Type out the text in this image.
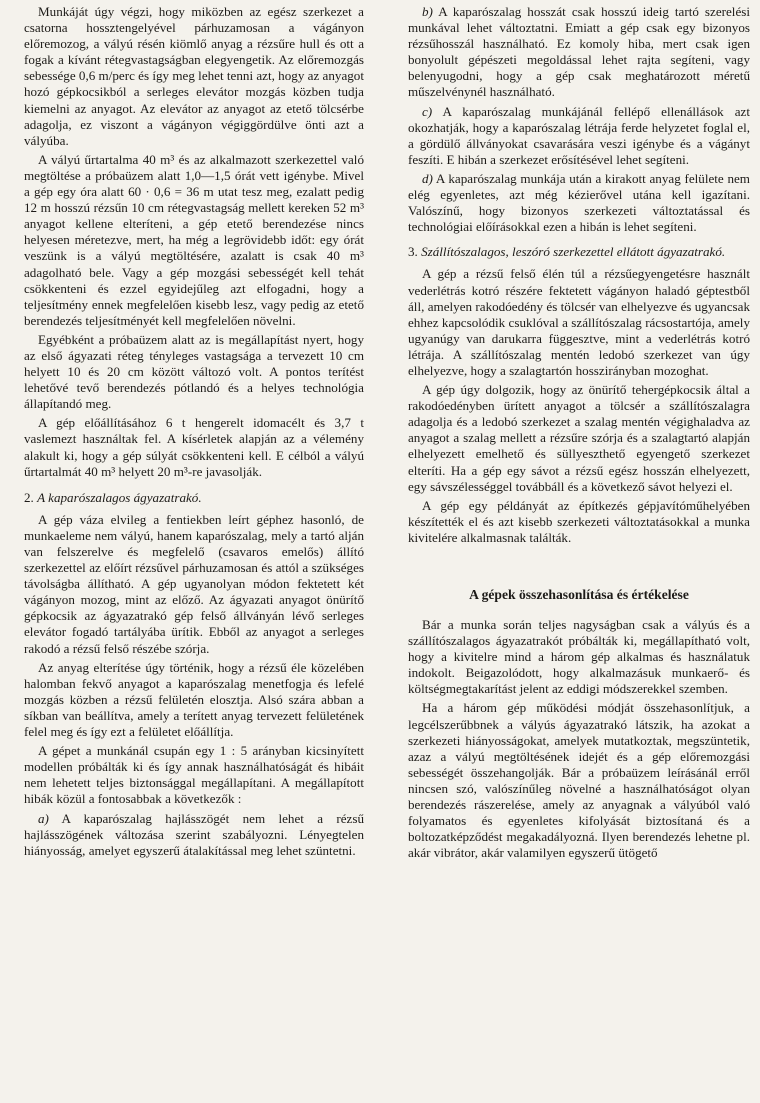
Munkáját úgy végzi, hogy miközben az egész szerkezet a csatorna hossztengelyével párhuzamosan a vágányon előremozog, a vályú résén kiömlő anyag a rézsűre hull és ott a fogak a kívánt rétegvastagságban elegyengetik. Az előremozgás sebessége 0,6 m/perc és így meg lehet tenni azt, hogy az anyagot hozó gépkocsikból a serleges elevátor mozgás közben tudja kiemelni az anyagot. Az elevátor az anyagot az etető tölcsérbe adagolja, ez viszont a vágányon végiggördülve önti azt a vályúba.

A vályú űrtartalma 40 m³ és az alkalmazott szerkezettel való megtöltése a próbaüzem alatt 1,0—1,5 órát vett igénybe. Mivel a gép egy óra alatt 60 · 0,6 = 36 m utat tesz meg, ezalatt pedig 12 m hosszú rézsűn 10 cm rétegvastagság mellett kereken 52 m³ anyagot kellene elteríteni, a gép etető berendezése nincs helyesen méretezve, mert, ha még a legrövidebb időt: egy órát veszünk is a vályú megtöltésére, azalatt is csak 40 m³ adagolható bele. Vagy a gép mozgási sebességét kell tehát csökkenteni és ezzel egyidejűleg azt elfogadni, hogy a teljesítmény ennek megfelelően kisebb lesz, vagy pedig az etető berendezés teljesítményét kell megfelelően növelni.

Egyébként a próbaüzem alatt az is megállapítást nyert, hogy az első ágyazati réteg tényleges vastagsága a tervezett 10 cm helyett 10 és 20 cm között változó volt. A pontos terítést lehetővé tevő berendezés pótlandó és a helyes technológia állapítandó meg.

A gép előállításához 6 t hengerelt idomacélt és 3,7 t vaslemezt használtak fel. A kísérletek alapján az a vélemény alakult ki, hogy a gép súlyát csökkenteni kell. E célból a vályú űrtartalmát 40 m³ helyett 20 m³-re javasolják.

2. A kaparószalagos ágyazatrakó.

A gép váza elvileg a fentiekben leírt géphez hasonló, de munkaeleme nem vályú, hanem kaparószalag, mely a tartó alján van felszerelve és megfelelő (csavaros emelős) állító szerkezettel az előírt rézsűvel párhuzamosan és attól a szükséges távolságba állítható. A gép ugyanolyan módon fektetett két vágányon mozog, mint az előző. Az ágyazati anyagot önürítő gépkocsik az ágyazatrakó gép felső állványán lévő serleges elevátor fogadó tartályába ürítik. Ebből az anyagot a serleges rakodó a rézsű felső részébe szórja.

Az anyag elterítése úgy történik, hogy a rézsű éle közelében halomban fekvő anyagot a kaparószalag menetfogja és lefelé mozgás közben a rézsű felületén elosztja. Alsó szára abban a síkban van beállítva, amely a terített anyag tervezett felületének felel meg és így ezt a felületet előállítja.

A gépet a munkánál csupán egy 1 : 5 arányban kicsinyített modellen próbálták ki és így annak használhatóságát és hibáit nem lehetett teljes biztonsággal megállapítani. A megállapított hibák közül a fontosabbak a következők :

a) A kaparószalag hajlásszögét nem lehet a rézsű hajlásszögének változása szerint szabályozni. Lényegtelen hiányosság, amelyet egyszerű átalakítással meg lehet szüntetni.

b) A kaparószalag hosszát csak hosszú ideig tartó szerelési munkával lehet változtatni. Emiatt a gép csak egy bizonyos rézsűhosszál használható. Ez komoly hiba, mert csak igen bonyolult gépészeti megoldással lehet rajta segíteni, vagy belenyugodni, hogy a gép csak meghatározott méretű műszelvénynél használható.

c) A kaparószalag munkájánál fellépő ellenállások azt okozhatják, hogy a kaparószalag létrája ferde helyzetet foglal el, a gördülő állványokat csavarására veszi igénybe és a vágányt feszíti. E hibán a szerkezet erősítésével lehet segíteni.

d) A kaparószalag munkája után a kirakott anyag felülete nem elég egyenletes, azt még kézierővel utána kell igazítani. Valószínű, hogy bizonyos szerkezeti változtatással és technológiai előírásokkal ezen a hibán is lehet segíteni.

3. Szállítószalagos, leszóró szerkezettel ellátott ágyazatrakó.

A gép a rézsű felső élén túl a rézsűegyengetésre használt vederlétrás kotró részére fektetett vágányon haladó géptestből áll, amelyen rakodóedény és tölcsér van elhelyezve és ugyancsak ehhez kapcsolódik csuklóval a szállítószalag rácsostartója, amely ugyanúgy van darukarra függesztve, mint a vederlétrás kotró létrája. A szállítószalag mentén ledobó szerkezet van úgy elhelyezve, hogy a szalagtartón hosszirányban mozoghat.

A gép úgy dolgozik, hogy az önürítő tehergépkocsik által a rakodóedényben ürített anyagot a tölcsér a szállítószalagra adagolja és a ledobó szerkezet a szalag mentén végighaladva az anyagot a szalag mellett a rézsűre szórja és a szalagtartó alapján elhelyezett emelhető és süllyeszthető egyengető szerkezet elteríti. Ha a gép egy sávot a rézsű egész hosszán elhelyezett, egy sávszélességgel továbbáll és a következő sávot helyezi el.

A gép egy példányát az építkezés gépjavítóműhelyében készítették el és azt kisebb szerkezeti változtatásokkal a munka kivitelére alkalmasnak találták.

A gépek összehasonlítása és értékelése

Bár a munka során teljes nagyságban csak a vályús és a szállítószalagos ágyazatrakót próbálták ki, megállapítható volt, hogy a kivitelre mind a három gép alkalmas és használatuk indokolt. Beigazolódott, hogy alkalmazásuk munkaerő- és költségmegtakarítást jelent az eddigi módszerekkel szemben.

Ha a három gép működési módját összehasonlítjuk, a legcélszerűbbnek a vályús ágyazatrakó látszik, ha azokat a szerkezeti hiányosságokat, amelyek mutatkoztak, megszüntetik, azaz a vályú megtöltésének idejét és a gép előremozgási sebességét összehangolják. Bár a próbaüzem leírásánál erről nincsen szó, valószínűleg növelné a használhatóságot olyan berendezés rászerelése, amely az anyagnak a vályúból való folyamatos és egyenletes kifolyását biztosítaná és a boltozatképződést megakadályozná. Ilyen berendezés lehetne pl. akár vibrátor, akár valamilyen egyszerű ütögető
